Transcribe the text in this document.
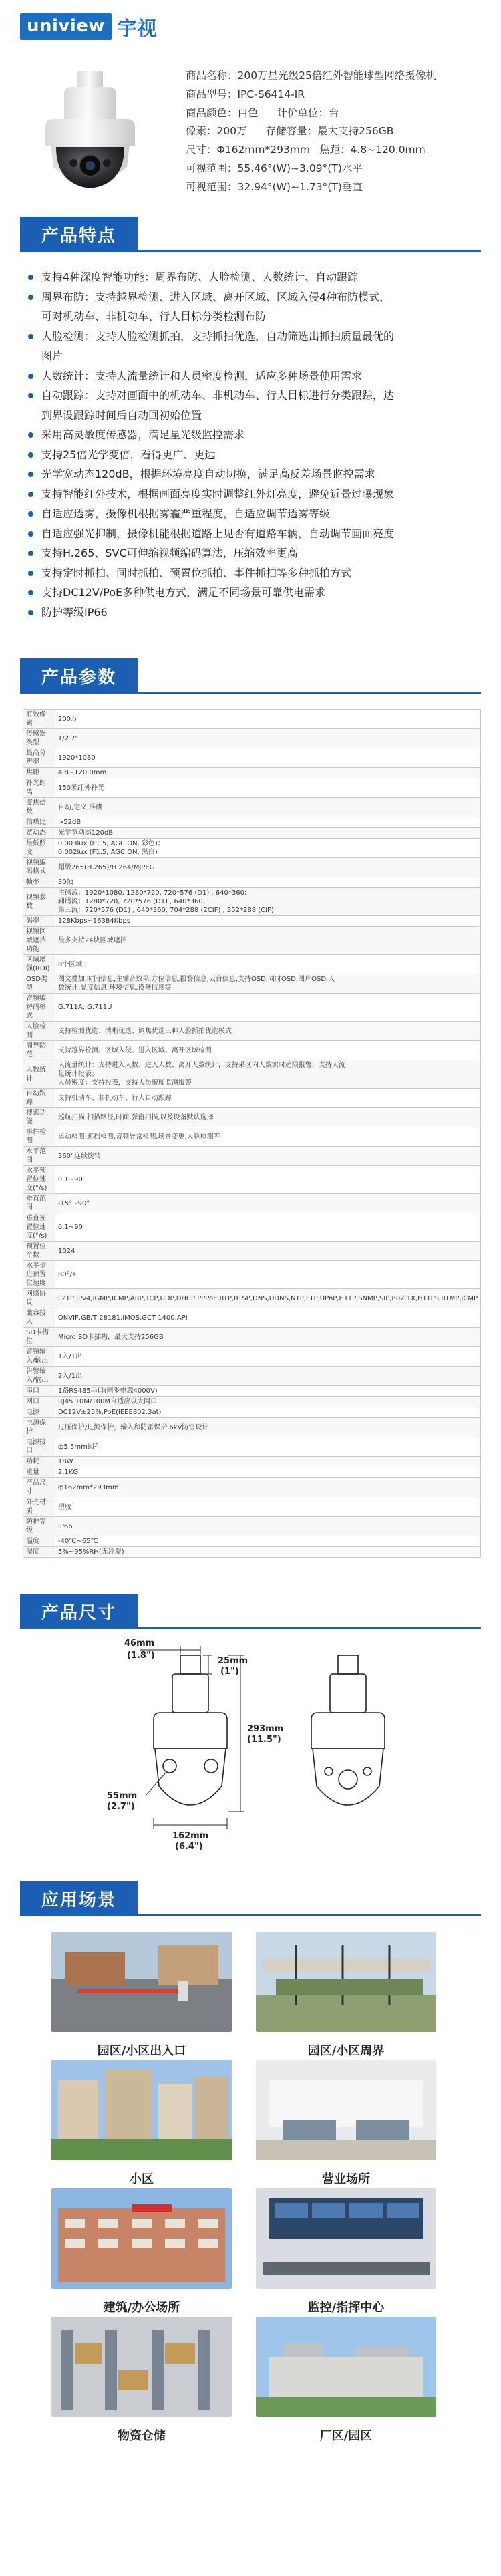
uniview 宇视
商品名称：200万星光级25倍红外智能球型网络摄像机
商品型号：IPC-S6414-IR
商品颜色：白色 计价单位：台
像素：200万 存储容量：最大支持256GB
尺寸：Φ162mm*293mm 焦距：4.8~120.0mm
可视范围：55.46°(W)~3.09°(T)水平
可视范围：32.94°(W)~1.73°(T)垂直
产品特点
支持4种深度智能功能：周界布防、人脸检测、人数统计、自动跟踪
周界布防：支持越界检测、进入区域、离开区域、区域入侵4种布防模式，
可对机动车、非机动车、行人目标分类检测布防
人脸检测：支持人脸检测抓拍，支持抓拍优选，自动筛选出抓拍质量最优的
图片
人数统计：支持人流量统计和人员密度检测，适应多种场景使用需求
自动跟踪：支持对画面中的机动车、非机动车、行人目标进行分类跟踪，达
到界设跟踪时间后自动回初始位置
采用高灵敏度传感器，满足星光级监控需求
支持25倍光学变倍，看得更广、更远
光学宽动态120dB，根据环境亮度自动切换，满足高反差场景监控需求
支持智能红外技术，根据画面亮度实时调整红外灯亮度，避免近景过曝现象
自适应透雾，摄像机根据雾霾严重程度，自适应调节透雾等级
自适应强光抑制，摄像机能根据道路上见否有道路车辆，自动调节画面亮度
支持H.265、SVC可伸缩视频编码算法，压缩效率更高
支持定时抓拍、同时抓拍、预置位抓拍、事件抓拍等多种抓拍方式
支持DC12V/PoE多种供电方式，满足不同场景可靠供电需求
防护等级IP66
产品参数
有效像素	200万
传感器类型	1/2.7"
最高分辨率	1920*1080
焦距	4.8~120.0mm
补光距离	150米红外补光
变焦倍数	自动,定义,准确
信噪比	>52dB
宽动态	光学宽动态120dB
最低照度	0.003lux (F1.5, AGC ON, 彩色)；
0.002lux (F1.5, AGC ON, 黑白)
视频编码格式	超级265(H.265)/H.264/MJPEG
帧率	30帧
视频参数	主码流：1920*1080, 1280*720, 720*576 (D1) , 640*360;
辅码流：1280*720, 720*576 (D1) , 640*360;
第三流：720*576 (D1) , 640*360, 704*288 (2CIF) , 352*288 (CIF)
码率	128Kbps~16384Kbps
视频区域遮挡功能	最多支持24块区域遮挡
区域增强(ROI)	8个区域
OSD类型	图文叠加,时间信息,主辅音效果,方位信息,报警信息,云台信息,支持OSD,同时OSD,图片OSD,人
数统计,温度信息,环境信息,设备信息等
音频编解码格式	G.711A, G.711U
人脸检测	支持检测优选、清晰优选、调焦优选三种人脸抓拍优选模式
周界防范	支持越界检测、区域入侵、进入区域、离开区域检测
人数统计	人流量统计：支持进入人数、进入人数、离开人数统计，支持采区内人数实时超限报警，支持人流
量统计报表；
人员密度：支持报表，支持人员密度监测报警
自动跟踪	支持机动车、非机动车、行人自动跟踪
搜索功能	巡航扫描,扫描路径,时间,弹窗扫描,以及设备默认选择
事件检测	运动检测,遮挡检测,音频异常检测,场景变更,人脸检测等
水平范围	360°连续旋转
水平预置位速度(°/s)	0.1~90
垂直范围	-15°~90°
垂直预置位速度(°/s)	0.1~90
预置位个数	1024
水平步进预置位速度	80°/s
网络协议	L2TP,IPv4,IGMP,ICMP,ARP,TCP,UDP,DHCP,PPPoE,RTP,RTSP,DNS,DDNS,NTP,FTP,UPnP,HTTP,SNMP,SIP,802.1X,HTTPS,RTMP,ICMP
兼容接入	ONVIF,GB/T 28181,IMOS,GCT 1400,API
SD卡槽位	Micro SD卡插槽，最大支持256GB
音频输入/输出	1入/1出
告警输入/输出	2入/1出
串口	1路RS485串口(同步电源4000V)
网口	RJ45 10M/100M自适应以太网口
电源	DC12V±25%,PoE(IEEE802.3at)
电源保护	过压保护/过流保护，输入和防雷保护,6kV防雷设计
电源接口	ф5.5mm圆孔
功耗	18W
重量	2.1KG
产品尺寸	ф162mm*293mm
外壳材质	塑胶
防护等级	IP66
温度	-40℃~65℃
湿度	5%~95%RH(无冷凝)
产品尺寸
46mm
(1.8")
25mm
(1")
55mm
(2.7")
293mm
(11.5")
162mm
(6.4")
应用场景
园区/小区出入口	园区/小区周界
小区	营业场所
建筑/办公场所	监控/指挥中心
物资仓储	厂区/园区
